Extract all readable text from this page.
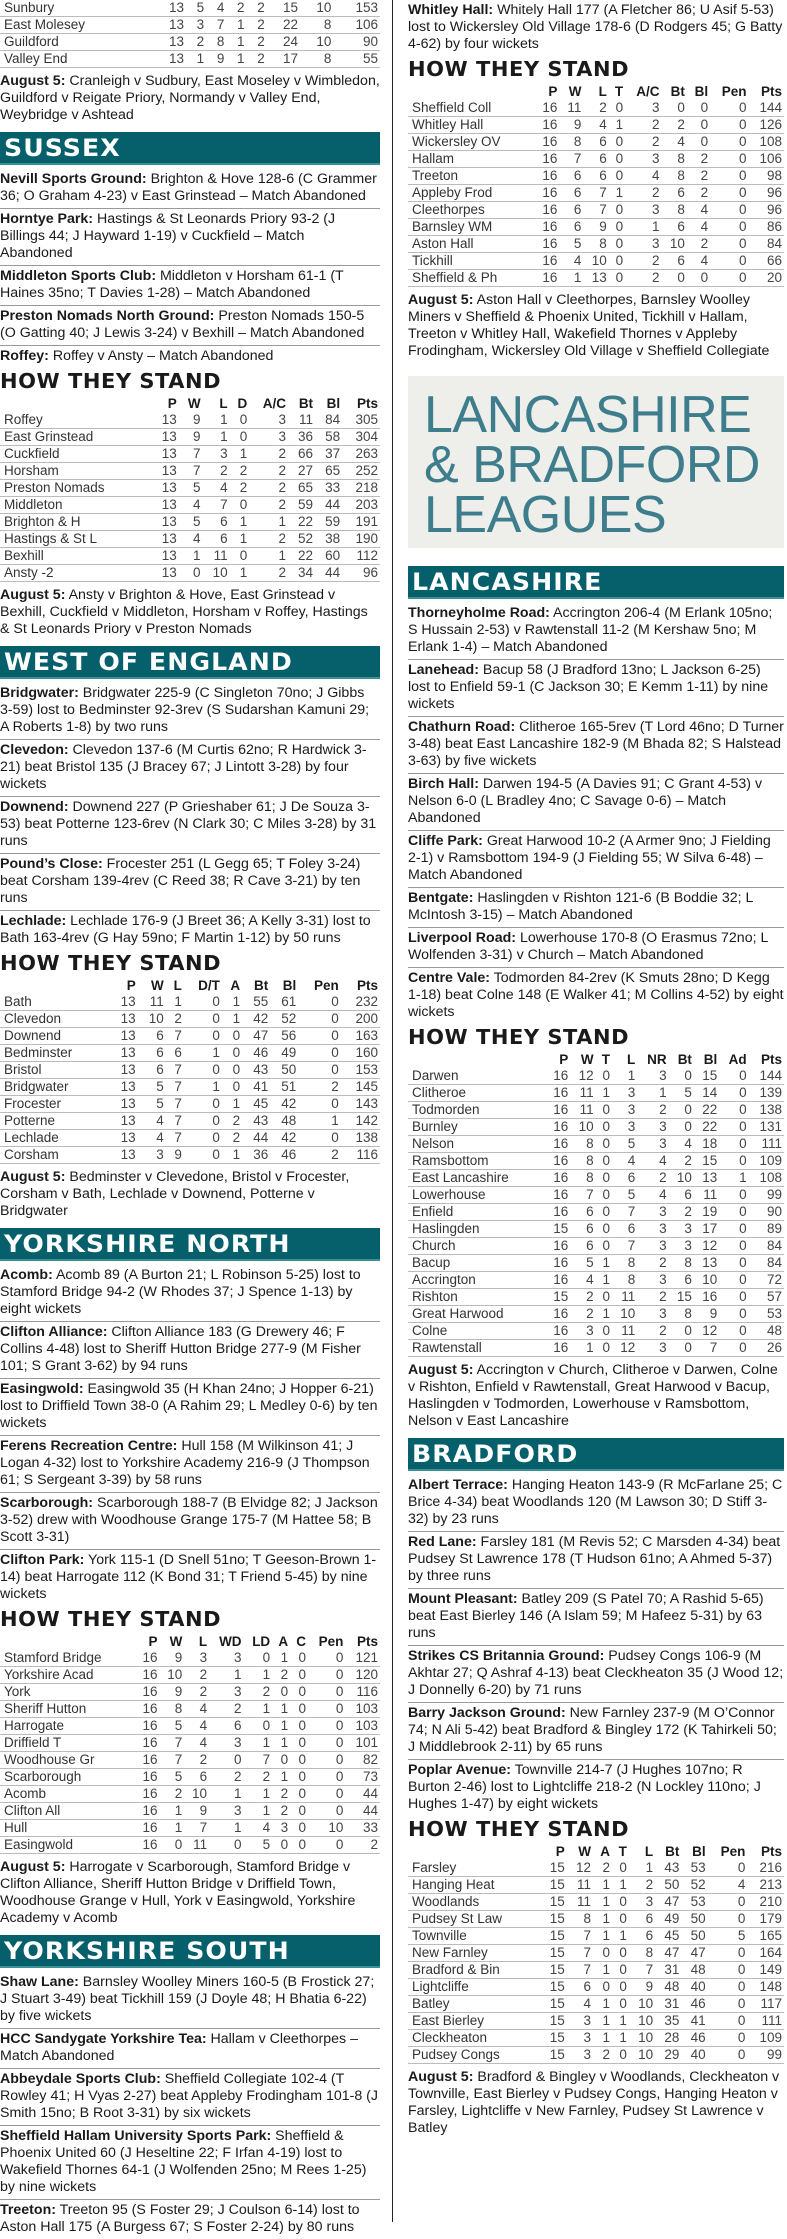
Sunbury	13	5	4	2	2	15	10	153
East Molesey	13	3	7	1	2	22	8	106
Guildford	13	2	8	1	2	24	10	90
Valley End	13	1	9	1	2	17	8	55
August 5: Cranleigh v Sudbury, East Moseley v Wimbledon, Guildford v Reigate Priory, Normandy v Valley End, Weybridge v Ashtead
SUSSEX
Nevill Sports Ground: Brighton & Hove 128-6 (C Grammer 36; O Graham 4-23) v East Grinstead – Match Abandoned
Horntye Park: Hastings & St Leonards Priory 93-2 (J Billings 44; J Hayward 1-19) v Cuckfield – Match Abandoned
Middleton Sports Club: Middleton v Horsham 61-1 (T Haines 35no; T Davies 1-28) – Match Abandoned
Preston Nomads North Ground: Preston Nomads 150-5 (O Gatting 40; J Lewis 3-24) v Bexhill – Match Abandoned
Roffey: Roffey v Ansty – Match Abandoned
HOW THEY STAND
	P	W	L	D	A/C	Bt	Bl	Pts
Roffey	13	9	1	0	3	11	84	305
East Grinstead	13	9	1	0	3	36	58	304
Cuckfield	13	7	3	1	2	66	37	263
Horsham	13	7	2	2	2	27	65	252
Preston Nomads	13	5	4	2	2	65	33	218
Middleton	13	4	7	0	2	59	44	203
Brighton & H	13	5	6	1	1	22	59	191
Hastings & St L	13	4	6	1	2	52	38	190
Bexhill	13	1	11	0	1	22	60	112
Ansty -2	13	0	10	1	2	34	44	96
August 5: Ansty v Brighton & Hove, East Grinstead v Bexhill, Cuckfield v Middleton, Horsham v Roffey, Hastings & St Leonards Priory v Preston Nomads
WEST OF ENGLAND
Bridgwater: Bridgwater 225-9 (C Singleton 70no; J Gibbs 3-59) lost to Bedminster 92-3rev (S Sudarshan Kamuni 29; A Roberts 1-8) by two runs
Clevedon: Clevedon 137-6 (M Curtis 62no; R Hardwick 3-21) beat Bristol 135 (J Bracey 67; J Lintott 3-28) by four wickets
Downend: Downend 227 (P Grieshaber 61; J De Souza 3-53) beat Potterne 123-6rev (N Clark 30; C Miles 3-28) by 31 runs
Pound’s Close: Frocester 251 (L Gegg 65; T Foley 3-24) beat Corsham 139-4rev (C Reed 38; R Cave 3-21) by ten runs
Lechlade: Lechlade 176-9 (J Breet 36; A Kelly 3-31) lost to Bath 163-4rev (G Hay 59no; F Martin 1-12) by 50 runs
HOW THEY STAND
	P	W	L	D/T	A	Bt	Bl	Pen	Pts
Bath	13	11	1	0	1	55	61	0	232
Clevedon	13	10	2	0	1	42	52	0	200
Downend	13	6	7	0	0	47	56	0	163
Bedminster	13	6	6	1	0	46	49	0	160
Bristol	13	6	7	0	0	43	50	0	153
Bridgwater	13	5	7	1	0	41	51	2	145
Frocester	13	5	7	0	1	45	42	0	143
Potterne	13	4	7	0	2	43	48	1	142
Lechlade	13	4	7	0	2	44	42	0	138
Corsham	13	3	9	0	1	36	46	2	116
August 5: Bedminster v Clevedone, Bristol v Frocester, Corsham v Bath, Lechlade v Downend, Potterne v Bridgwater
YORKSHIRE NORTH
Acomb: Acomb 89 (A Burton 21; L Robinson 5-25) lost to Stamford Bridge 94-2 (W Rhodes 37; J Spence 1-13) by eight wickets
Clifton Alliance: Clifton Alliance 183 (G Drewery 46; F Collins 4-48) lost to Sheriff Hutton Bridge 277-9 (M Fisher 101; S Grant 3-62) by 94 runs
Easingwold: Easingwold 35 (H Khan 24no; J Hopper 6-21) lost to Driffield Town 38-0 (A Rahim 29; L Medley 0-6) by ten wickets
Ferens Recreation Centre: Hull 158 (M Wilkinson 41; J Logan 4-32) lost to Yorkshire Academy 216-9 (J Thompson 61; S Sergeant 3-39) by 58 runs
Scarborough: Scarborough 188-7 (B Elvidge 82; J Jackson 3-52) drew with Woodhouse Grange 175-7 (M Hattee 58; B Scott 3-31)
Clifton Park: York 115-1 (D Snell 51no; T Geeson-Brown 1-14) beat Harrogate 112 (K Bond 31; T Friend 5-45) by nine wickets
HOW THEY STAND
	P	W	L	WD	LD	A	C	Pen	Pts
Stamford Bridge	16	9	3	3	0	1	0	0	121
Yorkshire Acad	16	10	2	1	1	2	0	0	120
York	16	9	2	3	2	0	0	0	116
Sheriff Hutton	16	8	4	2	1	1	0	0	103
Harrogate	16	5	4	6	0	1	0	0	103
Driffield T	16	7	4	3	1	1	0	0	101
Woodhouse Gr	16	7	2	0	7	0	0	0	82
Scarborough	16	5	6	2	2	1	0	0	73
Acomb	16	2	10	1	1	2	0	0	44
Clifton All	16	1	9	3	1	2	0	0	44
Hull	16	1	7	1	4	3	0	10	33
Easingwold	16	0	11	0	5	0	0	0	2
August 5: Harrogate v Scarborough, Stamford Bridge v Clifton Alliance, Sheriff Hutton Bridge v Driffield Town, Woodhouse Grange v Hull, York v Easingwold, Yorkshire Academy v Acomb
YORKSHIRE SOUTH
Shaw Lane: Barnsley Woolley Miners 160-5 (B Frostick 27; J Stuart 3-49) beat Tickhill 159 (J Doyle 48; H Bhatia 6-22) by five wickets
HCC Sandygate Yorkshire Tea: Hallam v Cleethorpes – Match Abandoned
Abbeydale Sports Club: Sheffield Collegiate 102-4 (T Rowley 41; H Vyas 2-27) beat Appleby Frodingham 101-8 (J Smith 15no; B Root 3-31) by six wickets
Sheffield Hallam University Sports Park: Sheffield & Phoenix United 60 (J Heseltine 22; F Irfan 4-19) lost to Wakefield Thornes 64-1 (J Wolfenden 25no; M Rees 1-25) by nine wickets
Treeton: Treeton 95 (S Foster 29; J Coulson 6-14) lost to Aston Hall 175 (A Burgess 67; S Foster 2-24) by 80 runs
Whitley Hall: Whitely Hall 177 (A Fletcher 86; U Asif 5-53) lost to Wickersley Old Village 178-6 (D Rodgers 45; G Batty 4-62) by four wickets
HOW THEY STAND
	P	W	L	T	A/C	Bt	Bl	Pen	Pts
Sheffield Coll	16	11	2	0	3	0	0	0	144
Whitley Hall	16	9	4	1	2	2	0	0	126
Wickersley OV	16	8	6	0	2	4	0	0	108
Hallam	16	7	6	0	3	8	2	0	106
Treeton	16	6	6	0	4	8	2	0	98
Appleby Frod	16	6	7	1	2	6	2	0	96
Cleethorpes	16	6	7	0	3	8	4	0	96
Barnsley WM	16	6	9	0	1	6	4	0	86
Aston Hall	16	5	8	0	3	10	2	0	84
Tickhill	16	4	10	0	2	6	4	0	66
Sheffield & Ph	16	1	13	0	2	0	0	0	20
August 5: Aston Hall v Cleethorpes, Barnsley Woolley Miners v Sheffield & Phoenix United, Tickhill v Hallam, Treeton v Whitley Hall, Wakefield Thornes v Appleby Frodingham, Wickersley Old Village v Sheffield Collegiate
LANCASHIRE
& BRADFORD
LEAGUES
LANCASHIRE
Thorneyholme Road: Accrington 206-4 (M Erlank 105no; S Hussain 2-53) v Rawtenstall 11-2 (M Kershaw 5no; M Erlank 1-4) – Match Abandoned
Lanehead: Bacup 58 (J Bradford 13no; L Jackson 6-25) lost to Enfield 59-1 (C Jackson 30; E Kemm 1-11) by nine wickets
Chathurn Road: Clitheroe 165-5rev (T Lord 46no; D Turner 3-48) beat East Lancashire 182-9 (M Bhada 82; S Halstead 3-63) by five wickets
Birch Hall: Darwen 194-5 (A Davies 91; C Grant 4-53) v Nelson 6-0 (L Bradley 4no; C Savage 0-6) – Match Abandoned
Cliffe Park: Great Harwood 10-2 (A Armer 9no; J Fielding 2-1) v Ramsbottom 194-9 (J Fielding 55; W Silva 6-48) – Match Abandoned
Bentgate: Haslingden v Rishton 121-6 (B Boddie 32; L McIntosh 3-15) – Match Abandoned
Liverpool Road: Lowerhouse 170-8 (O Erasmus 72no; L Wolfenden 3-31) v Church – Match Abandoned
Centre Vale: Todmorden 84-2rev (K Smuts 28no; D Kegg 1-18) beat Colne 148 (E Walker 41; M Collins 4-52) by eight wickets
HOW THEY STAND
	P	W	T	L	NR	Bt	Bl	Ad	Pts
Darwen	16	12	0	1	3	0	15	0	144
Clitheroe	16	11	1	3	1	5	14	0	139
Todmorden	16	11	0	3	2	0	22	0	138
Burnley	16	10	0	3	3	0	22	0	131
Nelson	16	8	0	5	3	4	18	0	111
Ramsbottom	16	8	0	4	4	2	15	0	109
East Lancashire	16	8	0	6	2	10	13	1	108
Lowerhouse	16	7	0	5	4	6	11	0	99
Enfield	16	6	0	7	3	2	19	0	90
Haslingden	15	6	0	6	3	3	17	0	89
Church	16	6	0	7	3	3	12	0	84
Bacup	16	5	1	8	2	8	13	0	84
Accrington	16	4	1	8	3	6	10	0	72
Rishton	15	2	0	11	2	15	16	0	57
Great Harwood	16	2	1	10	3	8	9	0	53
Colne	16	3	0	11	2	0	12	0	48
Rawtenstall	16	1	0	12	3	0	7	0	26
August 5: Accrington v Church, Clitheroe v Darwen, Colne v Rishton, Enfield v Rawtenstall, Great Harwood v Bacup, Haslingden v Todmorden, Lowerhouse v Ramsbottom, Nelson v East Lancashire
BRADFORD
Albert Terrace: Hanging Heaton 143-9 (R McFarlane 25; C Brice 4-34) beat Woodlands 120 (M Lawson 30; D Stiff 3-32) by 23 runs
Red Lane: Farsley 181 (M Revis 52; C Marsden 4-34) beat Pudsey St Lawrence 178 (T Hudson 61no; A Ahmed 5-37) by three runs
Mount Pleasant: Batley 209 (S Patel 70; A Rashid 5-65) beat East Bierley 146 (A Islam 59; M Hafeez 5-31) by 63 runs
Strikes CS Britannia Ground: Pudsey Congs 106-9 (M Akhtar 27; Q Ashraf 4-13) beat Cleckheaton 35 (J Wood 12; J Donnelly 6-20) by 71 runs
Barry Jackson Ground: New Farnley 237-9 (M O’Connor 74; N Ali 5-42) beat Bradford & Bingley 172 (K Tahirkeli 50; J Middlebrook 2-11) by 65 runs
Poplar Avenue: Townville 214-7 (J Hughes 107no; R Burton 2-46) lost to Lightcliffe 218-2 (N Lockley 110no; J Hughes 1-47) by eight wickets
HOW THEY STAND
	P	W	A	T	L	Bt	Bl	Pen	Pts
Farsley	15	12	2	0	1	43	53	0	216
Hanging Heat	15	11	1	1	2	50	52	4	213
Woodlands	15	11	1	0	3	47	53	0	210
Pudsey St Law	15	8	1	0	6	49	50	0	179
Townville	15	7	1	1	6	45	50	5	165
New Farnley	15	7	0	0	8	47	47	0	164
Bradford & Bin	15	7	1	0	7	31	48	0	149
Lightcliffe	15	6	0	0	9	48	40	0	148
Batley	15	4	1	0	10	31	46	0	117
East Bierley	15	3	1	1	10	35	41	0	111
Cleckheaton	15	3	1	1	10	28	46	0	109
Pudsey Congs	15	3	2	0	10	29	40	0	99
August 5: Bradford & Bingley v Woodlands, Cleckheaton v Townville, East Bierley v Pudsey Congs, Hanging Heaton v Farsley, Lightcliffe v New Farnley, Pudsey St Lawrence v Batley
